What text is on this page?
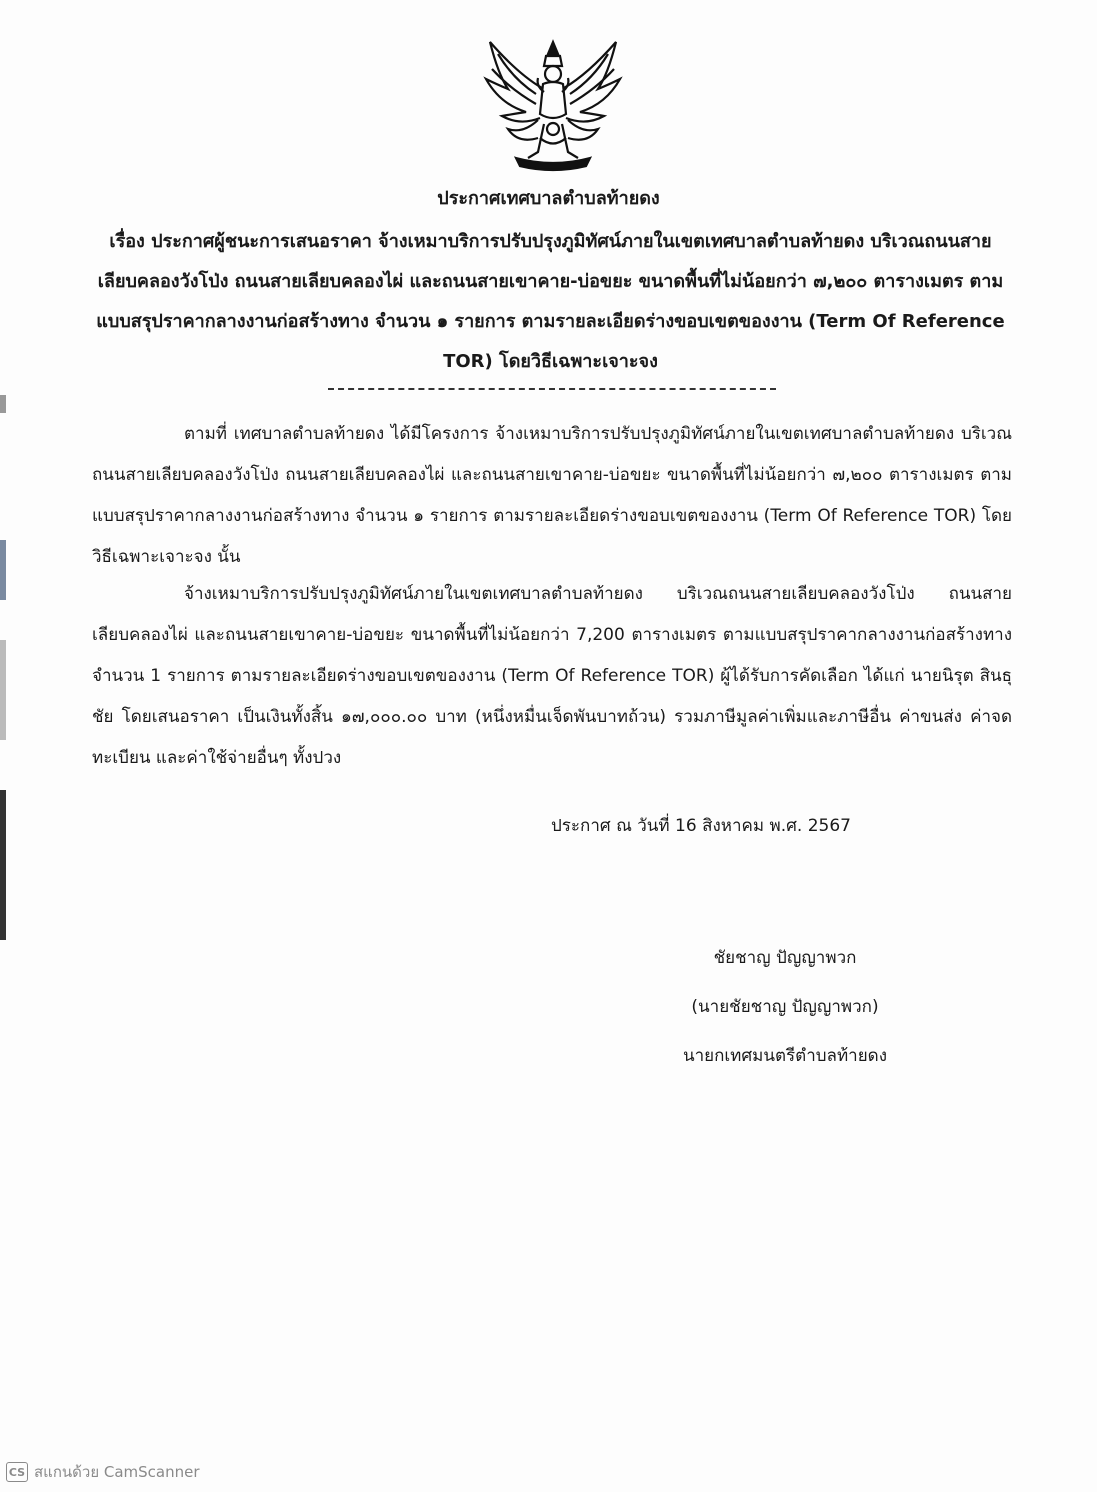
ประกาศเทศบาลตำบลท้ายดง
เรื่อง ประกาศผู้ชนะการเสนอราคา จ้างเหมาบริการปรับปรุงภูมิทัศน์ภายในเขตเทศบาลตำบลท้ายดง บริเวณถนนสายเลียบคลองวังโป่ง ถนนสายเลียบคลองไผ่ และถนนสายเขาคาย-บ่อขยะ ขนาดพื้นที่ไม่น้อยกว่า ๗,๒๐๐ ตารางเมตร ตามแบบสรุปราคากลางงานก่อสร้างทาง จำนวน ๑ รายการ ตามรายละเอียดร่างขอบเขตของงาน (Term Of Reference TOR) โดยวิธีเฉพาะเจาะจง
ตามที่ เทศบาลตำบลท้ายดง ได้มีโครงการ จ้างเหมาบริการปรับปรุงภูมิทัศน์ภายในเขตเทศบาลตำบลท้ายดง บริเวณถนนสายเลียบคลองวังโป่ง ถนนสายเลียบคลองไผ่ และถนนสายเขาคาย-บ่อขยะ ขนาดพื้นที่ไม่น้อยกว่า ๗,๒๐๐ ตารางเมตร ตามแบบสรุปราคากลางงานก่อสร้างทาง จำนวน ๑ รายการ ตามรายละเอียดร่างขอบเขตของงาน (Term Of Reference TOR) โดยวิธีเฉพาะเจาะจง นั้น
จ้างเหมาบริการปรับปรุงภูมิทัศน์ภายในเขตเทศบาลตำบลท้ายดง บริเวณถนนสายเลียบคลองวังโป่ง ถนนสายเลียบคลองไผ่ และถนนสายเขาคาย-บ่อขยะ ขนาดพื้นที่ไม่น้อยกว่า 7,200 ตารางเมตร ตามแบบสรุปราคากลางงานก่อสร้างทาง จำนวน 1 รายการ ตามรายละเอียดร่างขอบเขตของงาน (Term Of Reference TOR) ผู้ได้รับการคัดเลือก ได้แก่ นายนิรุต สินธุชัย โดยเสนอราคา เป็นเงินทั้งสิ้น ๑๗,๐๐๐.๐๐ บาท (หนึ่งหมื่นเจ็ดพันบาทถ้วน) รวมภาษีมูลค่าเพิ่มและภาษีอื่น ค่าขนส่ง ค่าจดทะเบียน และค่าใช้จ่ายอื่นๆ ทั้งปวง
ประกาศ ณ วันที่ 16 สิงหาคม พ.ศ. 2567
ชัยชาญ ปัญญาพวก
(นายชัยชาญ ปัญญาพวก)
นายกเทศมนตรีตำบลท้ายดง
CS สแกนด้วย CamScanner
